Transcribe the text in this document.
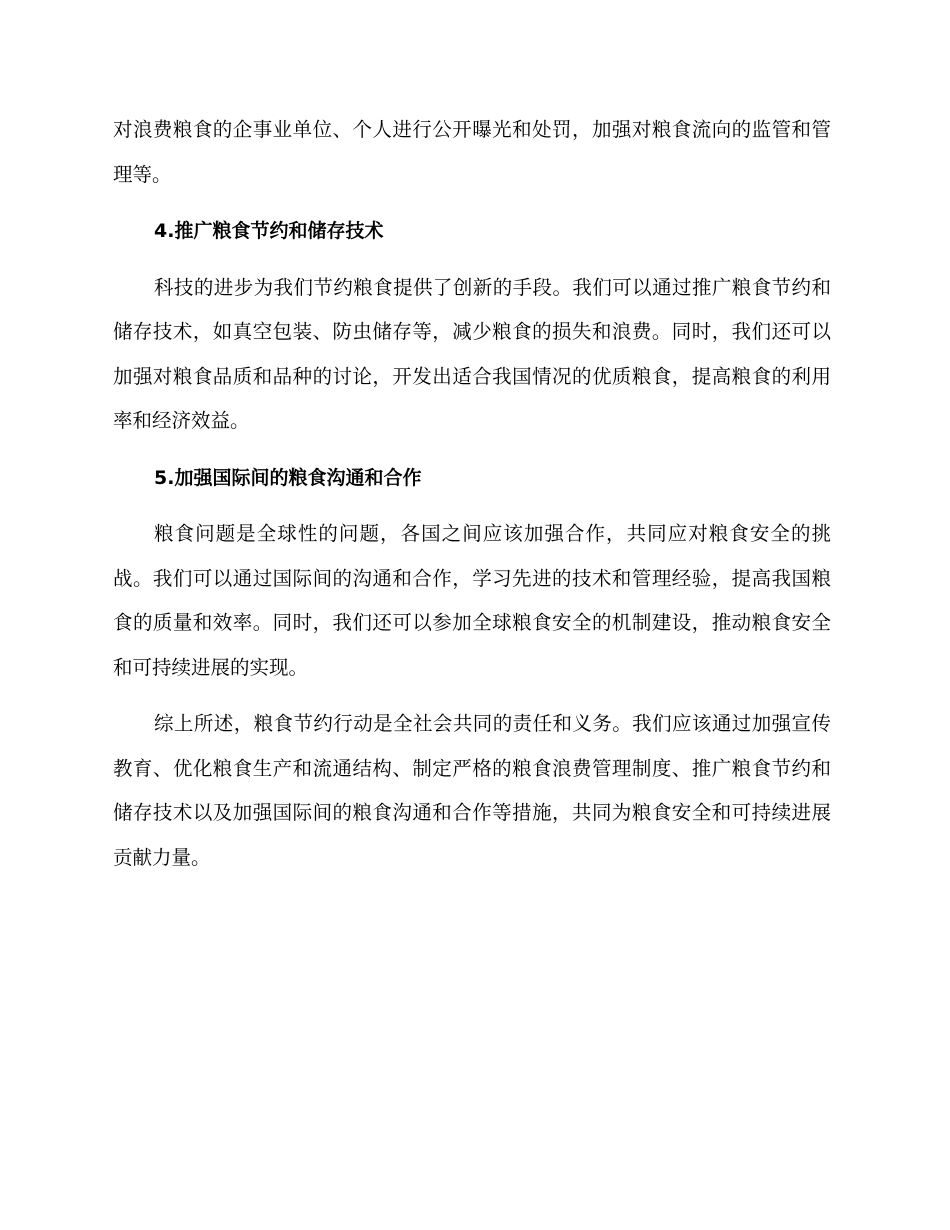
对浪费粮食的企事业单位、个人进行公开曝光和处罚，加强对粮食流向的监管和管理等。

4.推广粮食节约和储存技术

科技的进步为我们节约粮食提供了创新的手段。我们可以通过推广粮食节约和储存技术，如真空包装、防虫储存等，减少粮食的损失和浪费。同时，我们还可以加强对粮食品质和品种的讨论，开发出适合我国情况的优质粮食，提高粮食的利用率和经济效益。

5.加强国际间的粮食沟通和合作

粮食问题是全球性的问题，各国之间应该加强合作，共同应对粮食安全的挑战。我们可以通过国际间的沟通和合作，学习先进的技术和管理经验，提高我国粮食的质量和效率。同时，我们还可以参加全球粮食安全的机制建设，推动粮食安全和可持续进展的实现。

综上所述，粮食节约行动是全社会共同的责任和义务。我们应该通过加强宣传教育、优化粮食生产和流通结构、制定严格的粮食浪费管理制度、推广粮食节约和储存技术以及加强国际间的粮食沟通和合作等措施，共同为粮食安全和可持续进展贡献力量。
